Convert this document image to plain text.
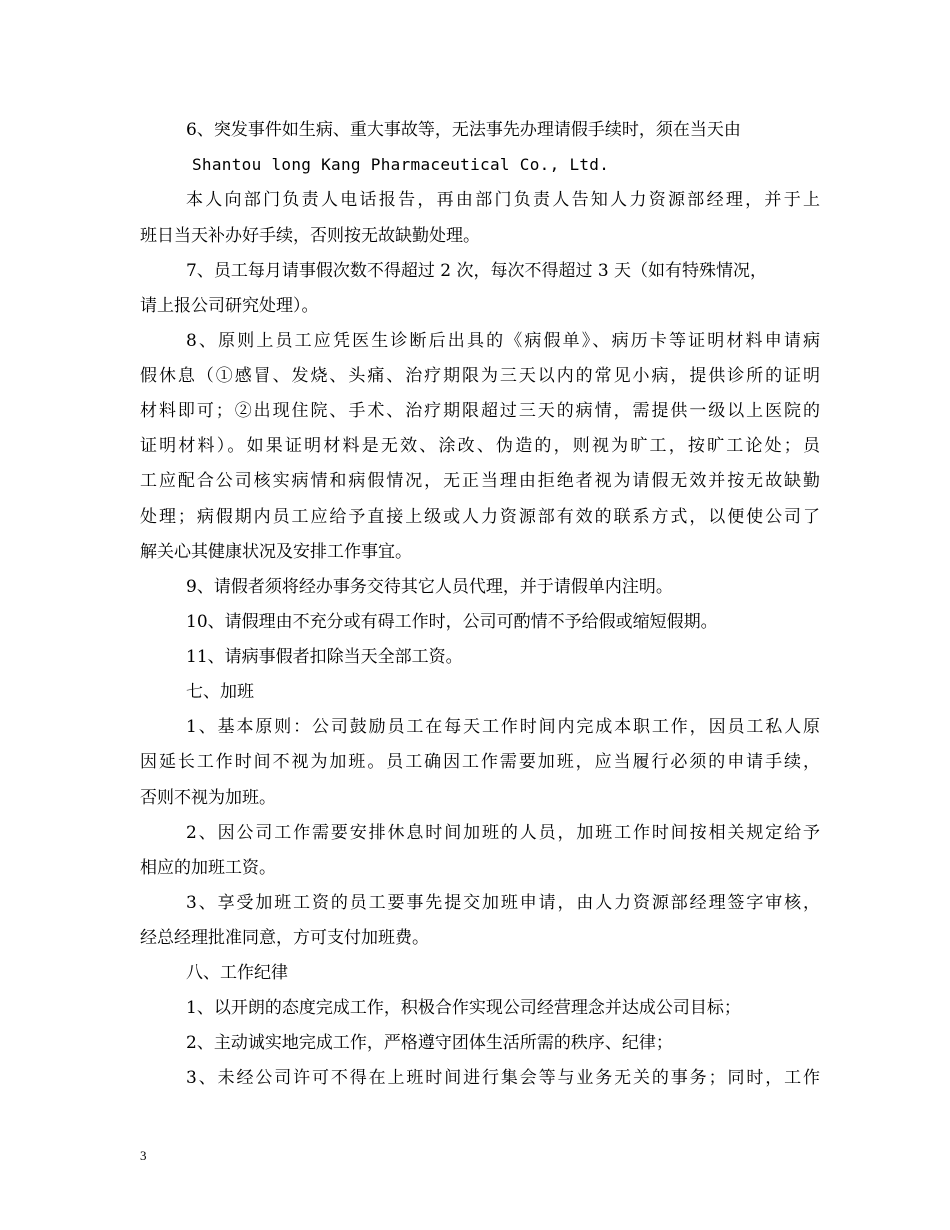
6、突发事件如生病、重大事故等，无法事先办理请假手续时，须在当天由
Shantou long Kang Pharmaceutical Co., Ltd.
本人向部门负责人电话报告，再由部门负责人告知人力资源部经理，并于上
班日当天补办好手续，否则按无故缺勤处理。
7、员工每月请事假次数不得超过 2 次，每次不得超过 3 天（如有特殊情况，
请上报公司研究处理）。
8、原则上员工应凭医生诊断后出具的《病假单》、病历卡等证明材料申请病
假休息（①感冒、发烧、头痛、治疗期限为三天以内的常见小病，提供诊所的证明
材料即可；②出现住院、手术、治疗期限超过三天的病情，需提供一级以上医院的
证明材料）。如果证明材料是无效、涂改、伪造的，则视为旷工，按旷工论处；员
工应配合公司核实病情和病假情况，无正当理由拒绝者视为请假无效并按无故缺勤
处理；病假期内员工应给予直接上级或人力资源部有效的联系方式，以便使公司了
解关心其健康状况及安排工作事宜。
9、请假者须将经办事务交待其它人员代理，并于请假单内注明。
10、请假理由不充分或有碍工作时，公司可酌情不予给假或缩短假期。
11、请病事假者扣除当天全部工资。
七、加班
1、基本原则：公司鼓励员工在每天工作时间内完成本职工作，因员工私人原
因延长工作时间不视为加班。员工确因工作需要加班，应当履行必须的申请手续，
否则不视为加班。
2、因公司工作需要安排休息时间加班的人员，加班工作时间按相关规定给予
相应的加班工资。
3、享受加班工资的员工要事先提交加班申请，由人力资源部经理签字审核，
经总经理批准同意，方可支付加班费。
八、工作纪律
1、以开朗的态度完成工作，积极合作实现公司经营理念并达成公司目标；
2、主动诚实地完成工作，严格遵守团体生活所需的秩序、纪律；
3、未经公司许可不得在上班时间进行集会等与业务无关的事务；同时，工作
3
